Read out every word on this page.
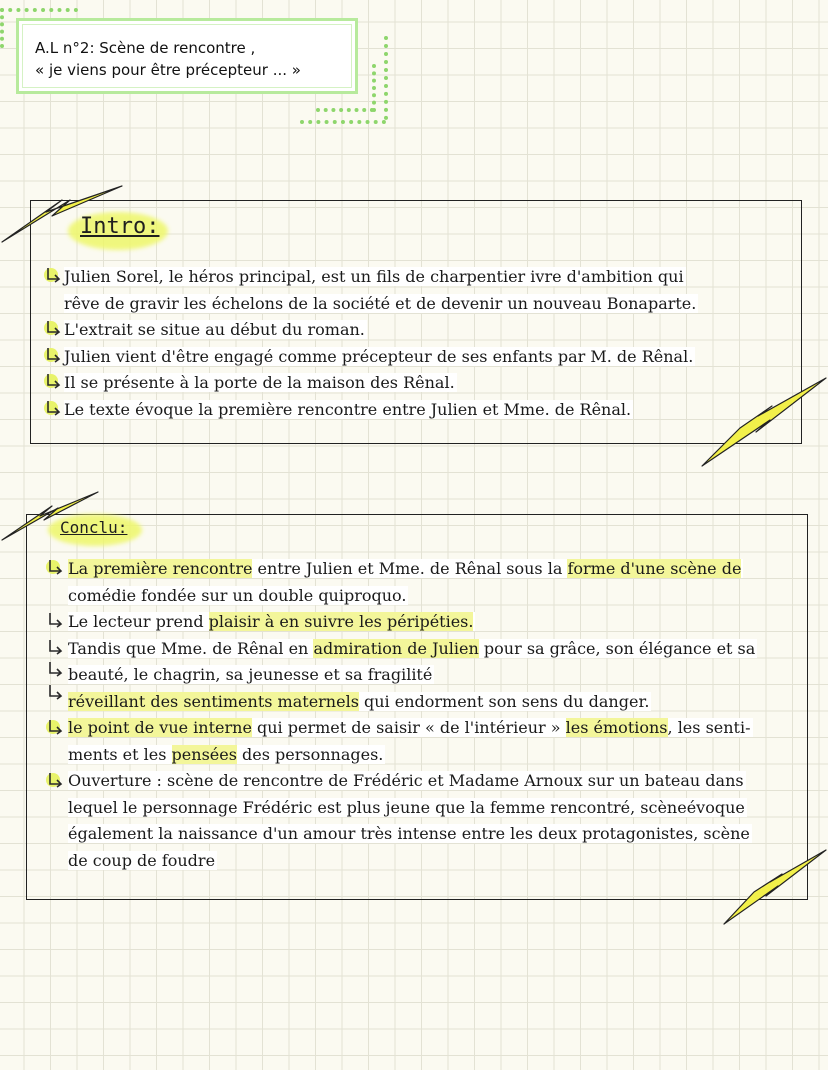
A.L n°2: Scène de rencontre ,
« je viens pour être précepteur ... »
Intro:
Julien Sorel, le héros principal, est un fils de charpentier ivre d'ambition qui
rêve de gravir les échelons de la société et de devenir un nouveau Bonaparte.
L'extrait se situe au début du roman.
Julien vient d'être engagé comme précepteur de ses enfants par M. de Rênal.
Il se présente à la porte de la maison des Rênal.
Le texte évoque la première rencontre entre Julien et Mme. de Rênal.
Conclu:
La première rencontre entre Julien et Mme. de Rênal sous la forme d'une scène de
comédie fondée sur un double quiproquo.
Le lecteur prend plaisir à en suivre les péripéties.
Tandis que Mme. de Rênal en admiration de Julien pour sa grâce, son élégance et sa
beauté, le chagrin, sa jeunesse et sa fragilité
réveillant des sentiments maternels qui endorment son sens du danger.
le point de vue interne qui permet de saisir « de l'intérieur » les émotions, les senti-
ments et les pensées des personnages.
Ouverture : scène de rencontre de Frédéric et Madame Arnoux sur un bateau dans
lequel le personnage Frédéric est plus jeune que la femme rencontré, scèneévoque
également la naissance d'un amour très intense entre les deux protagonistes, scène
de coup de foudre
